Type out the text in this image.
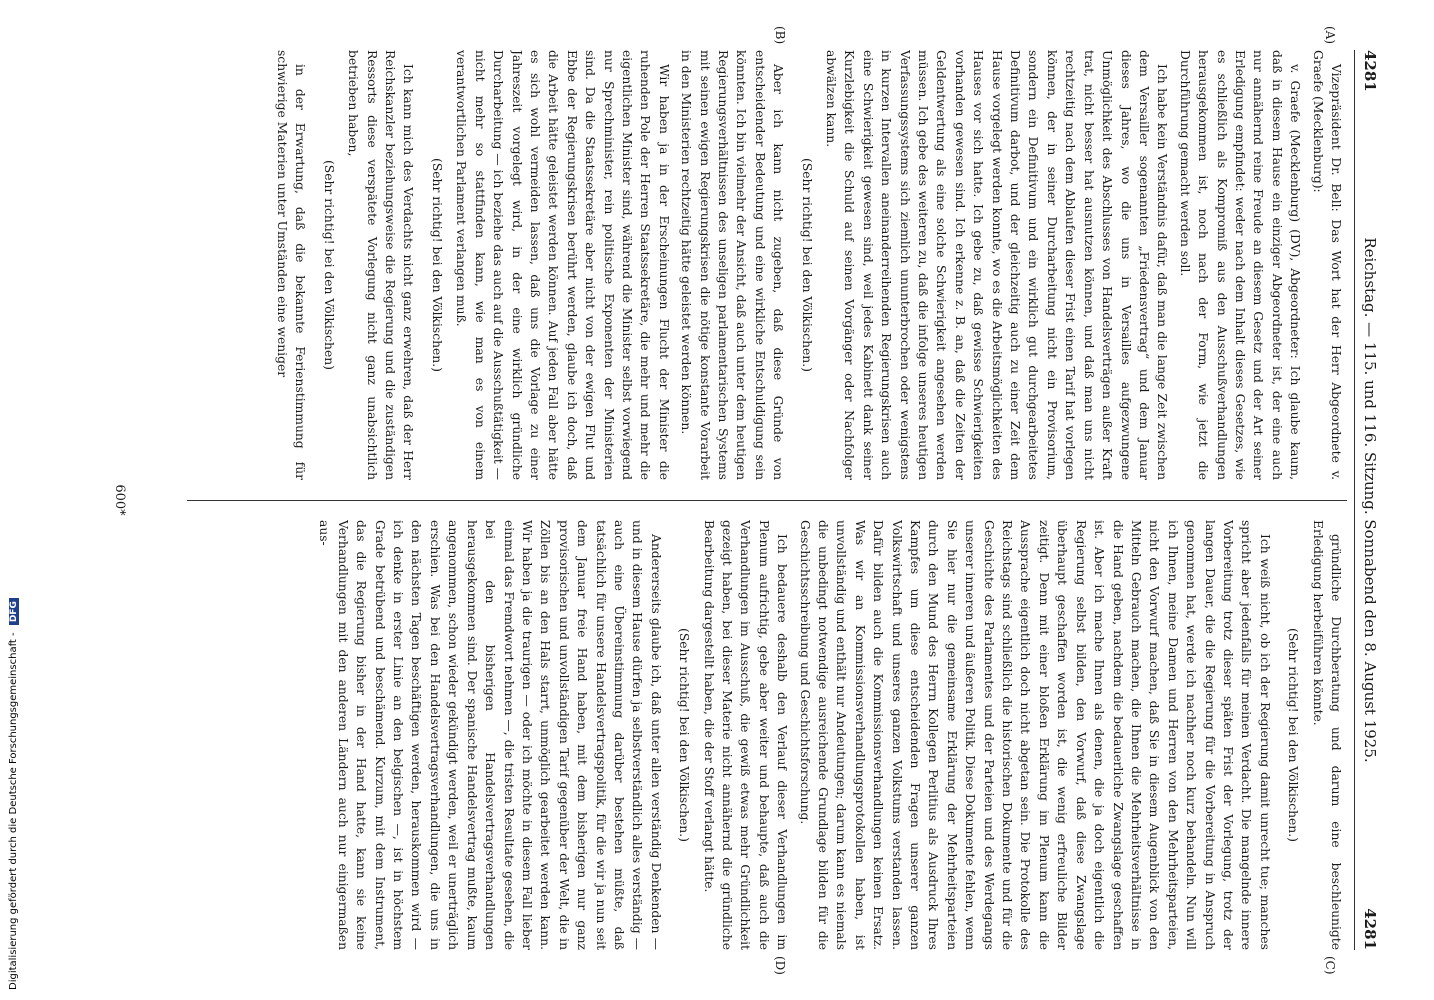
4281
Reichstag. — 115. und 116. Sitzung. Sonnabend den 8. August 1925.
4281
(A)
(B)
(C)
(D)

Vizepräsident Dr. Bell: Das Wort hat der Herr Abgeordnete v. Graefe (Mecklenburg):

v. Graefe (Mecklenburg) (DV), Abgeordneter: Ich glaube kaum, daß in diesem Hause ein einziger Abgeordneter ist, der eine auch nur annähernd reine Freude an diesem Gesetz und der Art seiner Erledigung empfindet: weder nach dem Inhalt dieses Gesetzes, wie es schließlich als Kompromiß aus den Ausschußverhandlungen herausgekommen ist, noch nach der Form, wie jetzt die Durchführung gemacht werden soll.

Ich habe kein Verständnis dafür, daß man die lange Zeit zwischen dem Versailler sogenannten „Friedensvertrag“ und dem Januar dieses Jahres, wo die uns in Versailles aufgezwungene Unmöglichkeit des Abschlusses von Handelsverträgen außer Kraft trat, nicht besser hat ausnutzen können, und daß man uns nicht rechtzeitig nach dem Ablaufen dieser Frist einen Tarif hat vorlegen können, der in seiner Durcharbeitung nicht ein Provisorium, sondern ein Definitivum und ein wirklich gut durchgearbeitetes Definitivum darbot, und der gleichzeitig auch zu einer Zeit dem Hause vorgelegt werden konnte, wo es die Arbeitsmöglichkeiten des Hauses vor sich hatte. Ich gebe zu, daß gewisse Schwierigkeiten vorhanden gewesen sind. Ich erkenne z. B. an, daß die Zeiten der Geldentwertung als eine solche Schwierigkeit angesehen werden müssen. Ich gebe des weiteren zu, daß die infolge unseres heutigen Verfassungssystems sich ziemlich ununterbrochen oder wenigstens in kurzen Intervallen aneinanderreihenden Regierungskrisen auch eine Schwierigkeit gewesen sind, weil jedes Kabinett dank seiner Kurzlebigkeit die Schuld auf seinen Vorgänger oder Nachfolger abwälzen kann.

(Sehr richtig! bei den Völkischen.)

Aber ich kann nicht zugeben, daß diese Gründe von entscheidender Bedeutung und eine wirkliche Entschuldigung sein könnten. Ich bin vielmehr der Ansicht, daß auch unter dem heutigen Regierungsverhältnissen des unseligen parlamentarischen Systems mit seinen ewigen Regierungskrisen die nötige konstante Vorarbeit in den Ministerien rechtzeitig hätte geleistet werden können.

Wir haben ja in der Erscheinungen Flucht der Minister die ruhenden Pole der Herren Staatssekretäre, die mehr und mehr die eigentlichen Minister sind, während die Minister selbst vorwiegend nur Sprechminister, rein politische Exponenten der Ministerien sind. Da die Staatssekretäre aber nicht von der ewigen Flut und Ebbe der Regierungskrisen berührt werden, glaube ich doch, daß die Arbeit hätte geleistet werden können. Auf jeden Fall aber hätte es sich wohl vermeiden lassen, daß uns die Vorlage zu einer Jahreszeit vorgelegt wird, in der eine wirklich gründliche Durcharbeitung — ich beziehe das auch auf die Ausschußtätigkeit — nicht mehr so stattfinden kann, wie man es von einem verantwortlichen Parlament verlangen muß.

(Sehr richtig! bei den Völkischen.)

Ich kann mich des Verdachts nicht ganz erwehren, daß der Herr Reichskanzler beziehungsweise die Regierung und die zuständigen Ressorts diese verspätete Vorlegung nicht ganz unabsichtlich betrieben haben,

(Sehr richtig! bei den Völkischen)

in der Erwartung, daß die bekannte Ferienstimmung für schwierige Materien unter Umständen eine weniger

gründliche Durchberatung und darum eine beschleunigte Erledigung herbeiführen könnte.

(Sehr richtig! bei den Völkischen.)

Ich weiß nicht, ob ich der Regierung damit unrecht tue; manches spricht aber jedenfalls für meinen Verdacht. Die mangelnde innere Vorbereitung trotz dieser späten Frist der Vorlegung, trotz der langen Dauer, die die Regierung für die Vorbereitung in Anspruch genommen hat, werde ich nachher noch kurz behandeln. Nun will ich Ihnen, meine Damen und Herren von den Mehrheitsparteien, nicht den Vorwurf machen, daß Sie in diesem Augenblick von den Mitteln Gebrauch machen, die Ihnen die Mehrheitsverhältnisse in die Hand geben, nachdem die bedauerliche Zwangslage geschaffen ist. Aber ich mache Ihnen als denen, die ja doch eigentlich die Regierung selbst bilden, den Vorwurf, daß diese Zwangslage überhaupt geschaffen worden ist, die wenig erfreuliche Bilder zeitigt. Denn mit einer bloßen Erklärung im Plenum kann die Aussprache eigentlich doch nicht abgetan sein. Die Protokolle des Reichstags sind schließlich die historischen Dokumente und für die Geschichte des Parlamentes und der Parteien und des Werdegangs unserer inneren und äußeren Politik. Diese Dokumente fehlen, wenn Sie hier nur die gemeinsame Erklärung der Mehrheitsparteien durch den Mund des Herrn Kollegen Perlitius als Ausdruck Ihres Kampfes um diese entscheidenden Fragen unserer ganzen Volkswirtschaft und unseres ganzen Volkstums verstanden lassen. Dafür bilden auch die Kommissionsverhandlungen keinen Ersatz. Was wir an Kommissionsverhandlungsprotokollen haben, ist unvollständig und enthält nur Andeutungen; darum kann es niemals die unbedingt notwendige ausreichende Grundlage bilden für die Geschichtsschreibung und Geschichtsforschung.

Ich bedauere deshalb den Verlauf dieser Verhandlungen im Plenum aufrichtig, gebe aber weiter und behaupte, daß auch die Verhandlungen im Ausschuß, die gewiß etwas mehr Gründlichkeit gezeigt haben, bei dieser Materie nicht annähernd die gründliche Bearbeitung dargestellt haben, die der Stoff verlangt hätte.

(Sehr richtig! bei den Völkischen.)

Andererseits glaube ich, daß unter allen verständig Denkenden — und in diesem Hause dürfen ja selbstverständlich alles verständig — auch eine Übereinstimmung darüber bestehen müßte, daß tatsächlich für unsere Handelsvertragspolitik, für die wir ja nun seit dem Januar freie Hand haben, mit dem bisherigen nur ganz provisorischen und unvollständigen Tarif gegenüber der Welt, die in Zöllen bis an den Hals starrt, unmöglich gearbeitet werden kann. Wir haben ja die traurigen — oder ich möchte in diesem Fall lieber einmal das Fremdwort nehmen —, die tristen Resultate gesehen, die bei den bisherigen Handelsvertragsverhandlungen herausgekommen sind. Der spanische Handelsvertrag mußte, kaum angenommen, schon wieder gekündigt werden, weil er unerträglich erschien. Was bei den Handelsvertragsverhandlungen, die uns in den nächsten Tagen beschäftigen werden, herauskommen wird — ich denke in erster Linie an den belgischen —, ist in höchstem Grade betrübend und beschämend. Kurzum, mit dem Instrument, das die Regierung bisher in der Hand hatte, kann sie keine Verhandlungen mit den anderen Ländern auch nur einigermaßen aus-

600*
Digitalisierung gefördert durch die Deutsche Forschungsgemeinschaft - DFG
